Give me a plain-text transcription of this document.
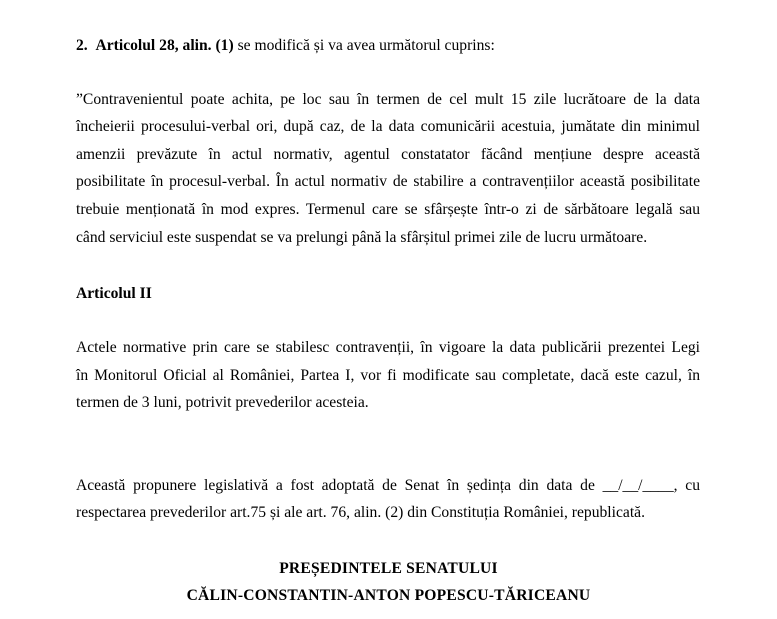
2. Articolul 28, alin. (1) se modifică și va avea următorul cuprins:
”Contravenientul poate achita, pe loc sau în termen de cel mult 15 zile lucrătoare de la data
încheierii procesului-verbal ori, după caz, de la data comunicării acestuia, jumătate din minimul
amenzii prevăzute în actul normativ, agentul constatator făcând mențiune despre această
posibilitate în procesul-verbal. În actul normativ de stabilire a contravențiilor această posibilitate
trebuie menționată în mod expres. Termenul care se sfârșește într-o zi de sărbătoare legală sau
când serviciul este suspendat se va prelungi până la sfârșitul primei zile de lucru următoare.
Articolul II
Actele normative prin care se stabilesc contravenții, în vigoare la data publicării prezentei Legi
în Monitorul Oficial al României, Partea I, vor fi modificate sau completate, dacă este cazul, în
termen de 3 luni, potrivit prevederilor acesteia.
Această propunere legislativă a fost adoptată de Senat în ședința din data de __/__/____, cu
respectarea prevederilor art.75 și ale art. 76, alin. (2) din Constituția României, republicată.
PREȘEDINTELE SENATULUI
CĂLIN-CONSTANTIN-ANTON POPESCU-TĂRICEANU
